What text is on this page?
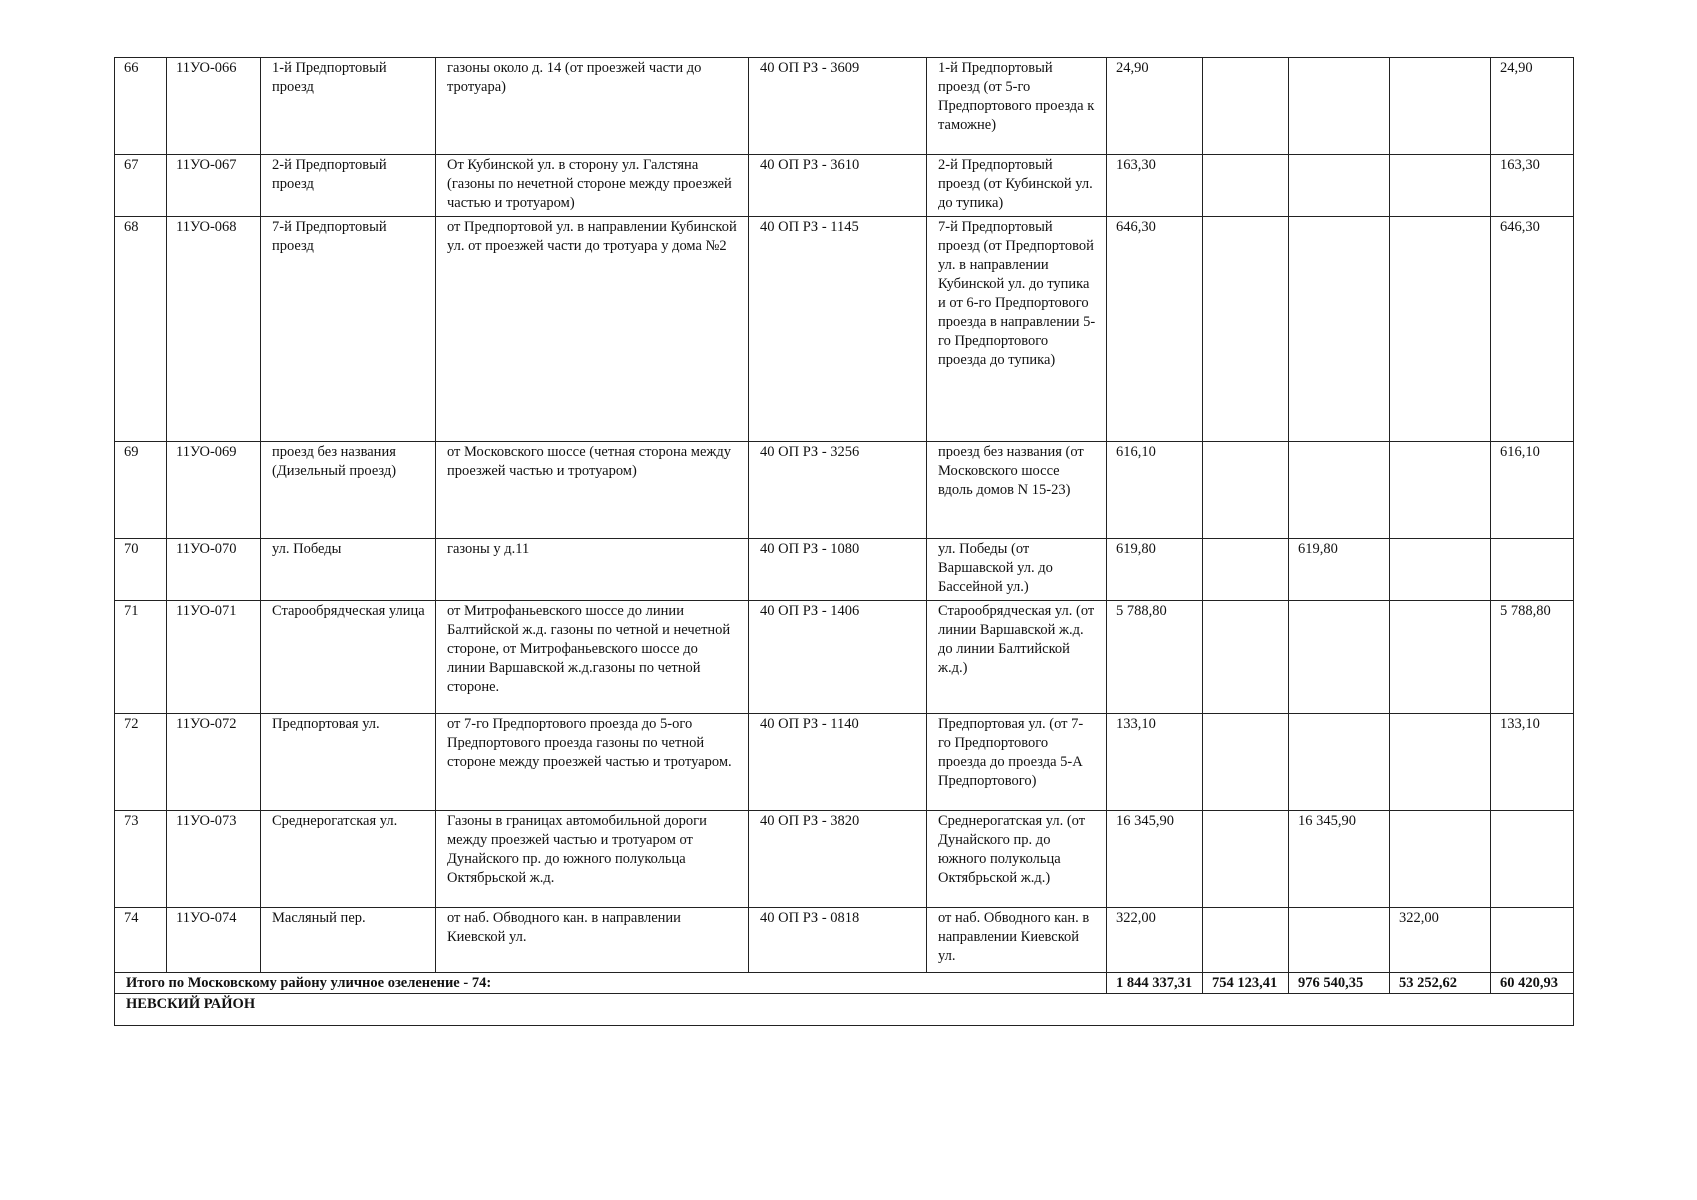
66	11УО-066	1-й Предпортовый проезд	газоны около д. 14 (от проезжей части до тротуара)	40 ОП РЗ - 3609	1-й Предпортовый проезд (от 5-го Предпортового проезда к таможне)	24,90				24,90
67	11УО-067	2-й Предпортовый проезд	От Кубинской ул. в сторону ул. Галстяна (газоны по нечетной стороне между проезжей частью и тротуаром)	40 ОП РЗ - 3610	2-й Предпортовый проезд (от Кубинской ул. до тупика)	163,30				163,30
68	11УО-068	7-й Предпортовый проезд	от Предпортовой ул. в направлении Кубинской ул. от проезжей части до тротуара у дома №2	40 ОП РЗ - 1145	7-й Предпортовый проезд (от Предпортовой ул. в направлении Кубинской ул. до тупика и от 6-го Предпортового проезда в направлении 5-го Предпортового проезда до тупика)	646,30				646,30
69	11УО-069	проезд без названия (Дизельный проезд)	от Московского шоссе (четная сторона между проезжей частью и тротуаром)	40 ОП РЗ - 3256	проезд без названия (от Московского шоссе вдоль домов N 15-23)	616,10				616,10
70	11УО-070	ул. Победы	газоны у д.11	40 ОП РЗ - 1080	ул. Победы (от Варшавской ул. до Бассейной ул.)	619,80		619,80		
71	11УО-071	Старообрядческая улица	от Митрофаньевского шоссе до линии Балтийской ж.д. газоны по четной и нечетной стороне, от Митрофаньевского шоссе до линии Варшавской ж.д.газоны по четной стороне.	40 ОП РЗ - 1406	Старообрядческая ул. (от линии Варшавской ж.д. до линии Балтийской ж.д.)	5 788,80				5 788,80
72	11УО-072	Предпортовая ул.	от 7-го Предпортового проезда до 5-ого Предпортового проезда газоны по четной стороне между проезжей частью и тротуаром.	40 ОП РЗ - 1140	Предпортовая ул. (от 7-го Предпортового проезда до проезда 5-А Предпортового)	133,10				133,10
73	11УО-073	Среднерогатская ул.	Газоны в границах автомобильной дороги между проезжей частью и тротуаром от Дунайского пр. до южного полукольца Октябрьской ж.д.	40 ОП РЗ - 3820	Среднерогатская ул. (от Дунайского пр. до южного полукольца Октябрьской ж.д.)	16 345,90		16 345,90		
74	11УО-074	Масляный пер.	от наб. Обводного кан. в направлении Киевской ул.	40 ОП РЗ - 0818	от наб. Обводного кан. в направлении Киевской ул.	322,00			322,00	
Итого по Московскому району уличное озеленение - 74:						1 844 337,31	754 123,41	976 540,35	53 252,62	60 420,93
НЕВСКИЙ РАЙОН										
